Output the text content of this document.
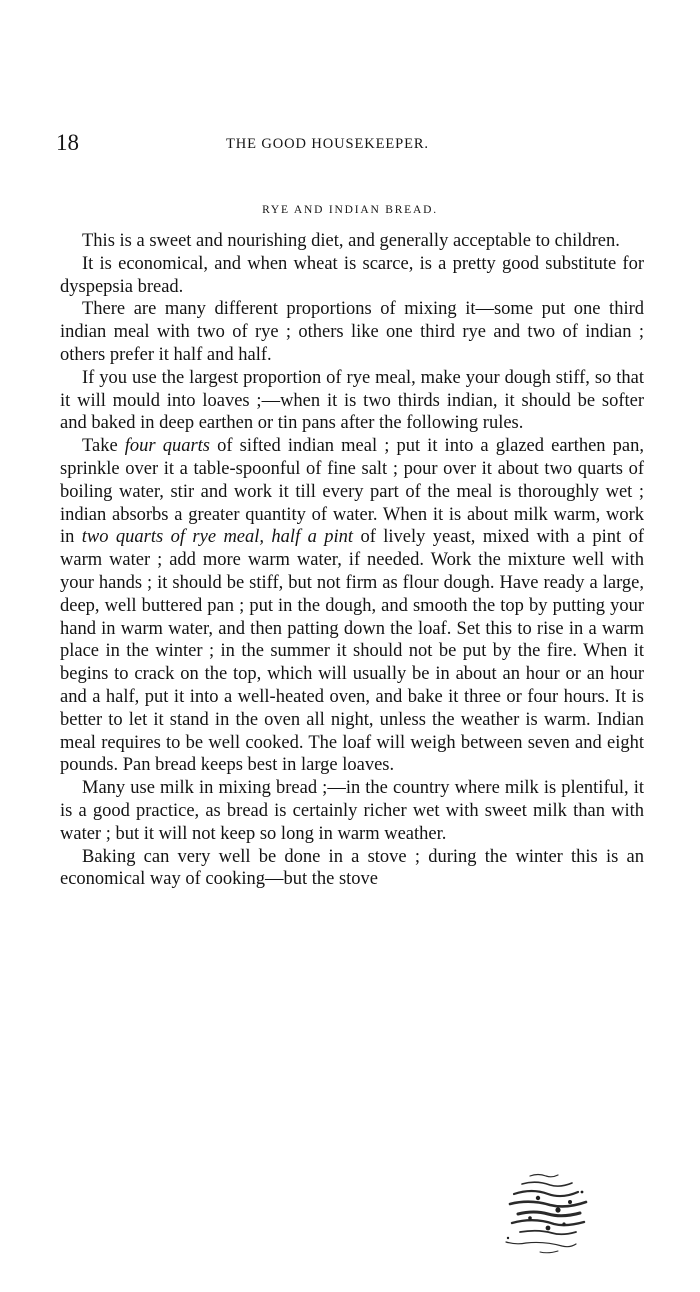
18	THE GOOD HOUSEKEEPER.
RYE AND INDIAN BREAD.

This is a sweet and nourishing diet, and generally acceptable to children.

It is economical, and when wheat is scarce, is a pretty good substitute for dyspepsia bread.

There are many different proportions of mixing it—some put one third indian meal with two of rye ; others like one third rye and two of indian ; others prefer it half and half.

If you use the largest proportion of rye meal, make your dough stiff, so that it will mould into loaves ;—when it is two thirds indian, it should be softer and baked in deep earthen or tin pans after the following rules.

Take four quarts of sifted indian meal ; put it into a glazed earthen pan, sprinkle over it a table-spoonful of fine salt ; pour over it about two quarts of boiling water, stir and work it till every part of the meal is thoroughly wet ; indian absorbs a greater quantity of water. When it is about milk warm, work in two quarts of rye meal, half a pint of lively yeast, mixed with a pint of warm water ; add more warm water, if needed. Work the mixture well with your hands ; it should be stiff, but not firm as flour dough. Have ready a large, deep, well buttered pan ; put in the dough, and smooth the top by putting your hand in warm water, and then patting down the loaf. Set this to rise in a warm place in the winter ; in the summer it should not be put by the fire. When it begins to crack on the top, which will usually be in about an hour or an hour and a half, put it into a well-heated oven, and bake it three or four hours. It is better to let it stand in the oven all night, unless the weather is warm. Indian meal requires to be well cooked. The loaf will weigh between seven and eight pounds. Pan bread keeps best in large loaves.

Many use milk in mixing bread ;—in the country where milk is plentiful, it is a good practice, as bread is certainly richer wet with sweet milk than with water ; but it will not keep so long in warm weather.

Baking can very well be done in a stove ; during the winter this is an economical way of cooking—but the stove
